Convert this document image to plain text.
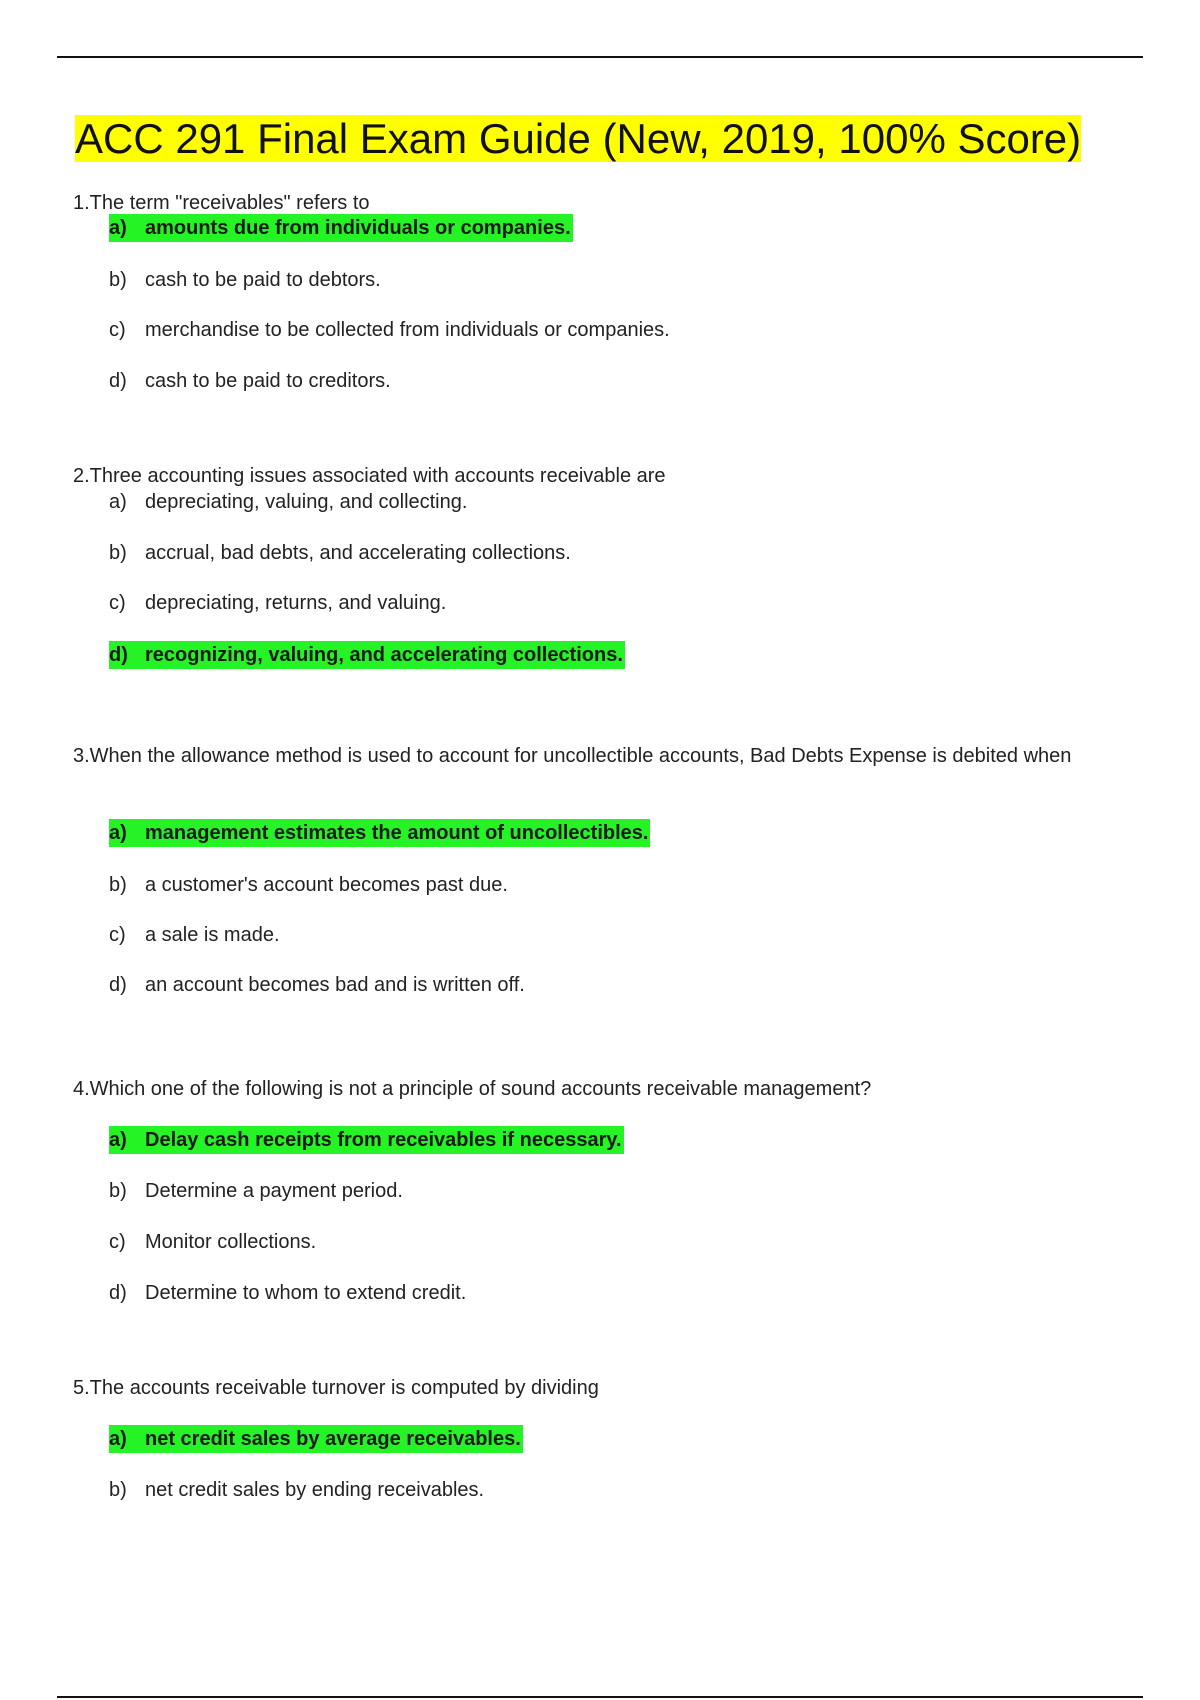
ACC 291 Final Exam Guide (New, 2019, 100% Score)

1.The term "receivables" refers to

a) amounts due from individuals or companies.
b) cash to be paid to debtors.
c) merchandise to be collected from individuals or companies.
d) cash to be paid to creditors.

2.Three accounting issues associated with accounts receivable are

a) depreciating, valuing, and collecting.
b) accrual, bad debts, and accelerating collections.
c) depreciating, returns, and valuing.
d) recognizing, valuing, and accelerating collections.

3.When the allowance method is used to account for uncollectible accounts, Bad Debts Expense is debited when

a) management estimates the amount of uncollectibles.
b) a customer's account becomes past due.
c) a sale is made.
d) an account becomes bad and is written off.

4.Which one of the following is not a principle of sound accounts receivable management?

a) Delay cash receipts from receivables if necessary.
b) Determine a payment period.
c) Monitor collections.
d) Determine to whom to extend credit.

5.The accounts receivable turnover is computed by dividing

a) net credit sales by average receivables.
b) net credit sales by ending receivables.
